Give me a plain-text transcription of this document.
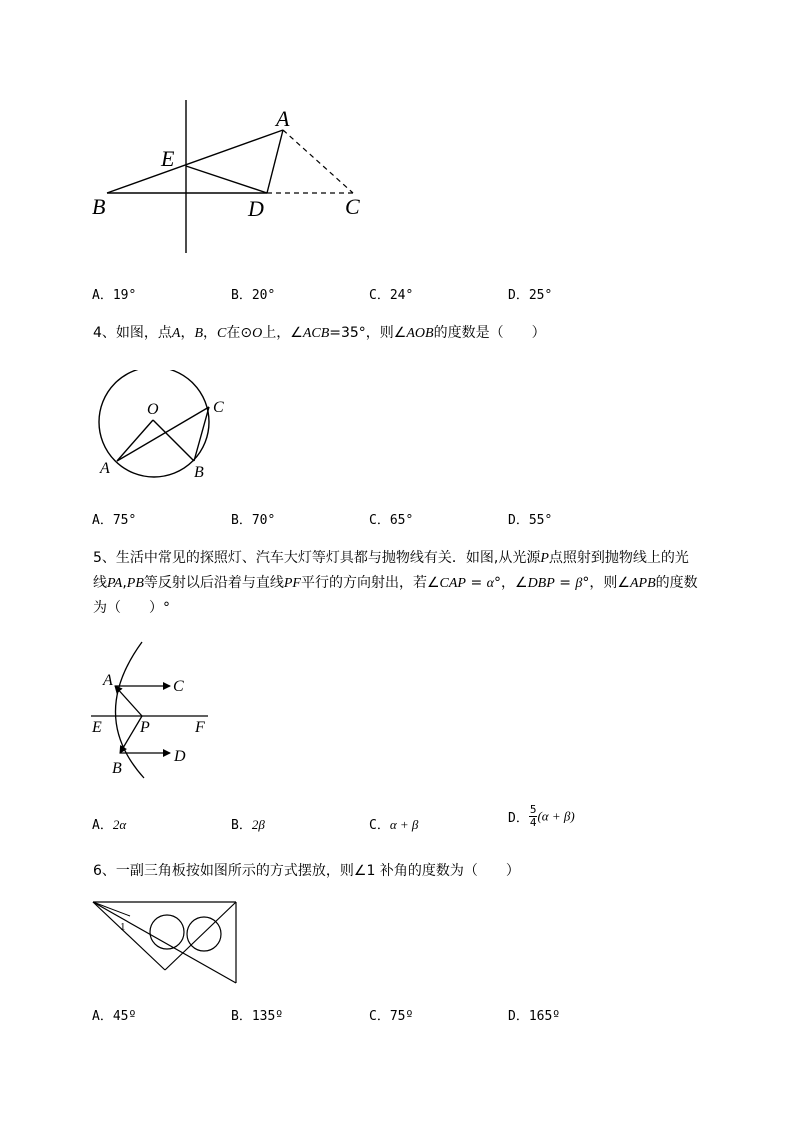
A
E
B	D	C
A．19°	B．20°	C．24°	D．25°
4、如图，点A，B，C在⊙O上，∠ACB=35°，则∠AOB的度数是（　　）
O	C
A	B
A．75°	B．70°	C．65°	D．55°
5、生活中常见的探照灯、汽车大灯等灯具都与抛物线有关．如图,从光源P点照射到抛物线上的光
线PA,PB等反射以后沿着与直线PF平行的方向射出，若∠CAP = α°，∠DBP = β°，则∠APB的度数
为（　　）°
A	C
E P	F
D
B
A．2α	B．2β	C．α + β	D． $\frac{5}{4} (\alpha + \beta)$
6、一副三角板按如图所示的方式摆放，则∠1 补角的度数为（　　）
1
A．45º	B．135º	C．75º	D．165º
